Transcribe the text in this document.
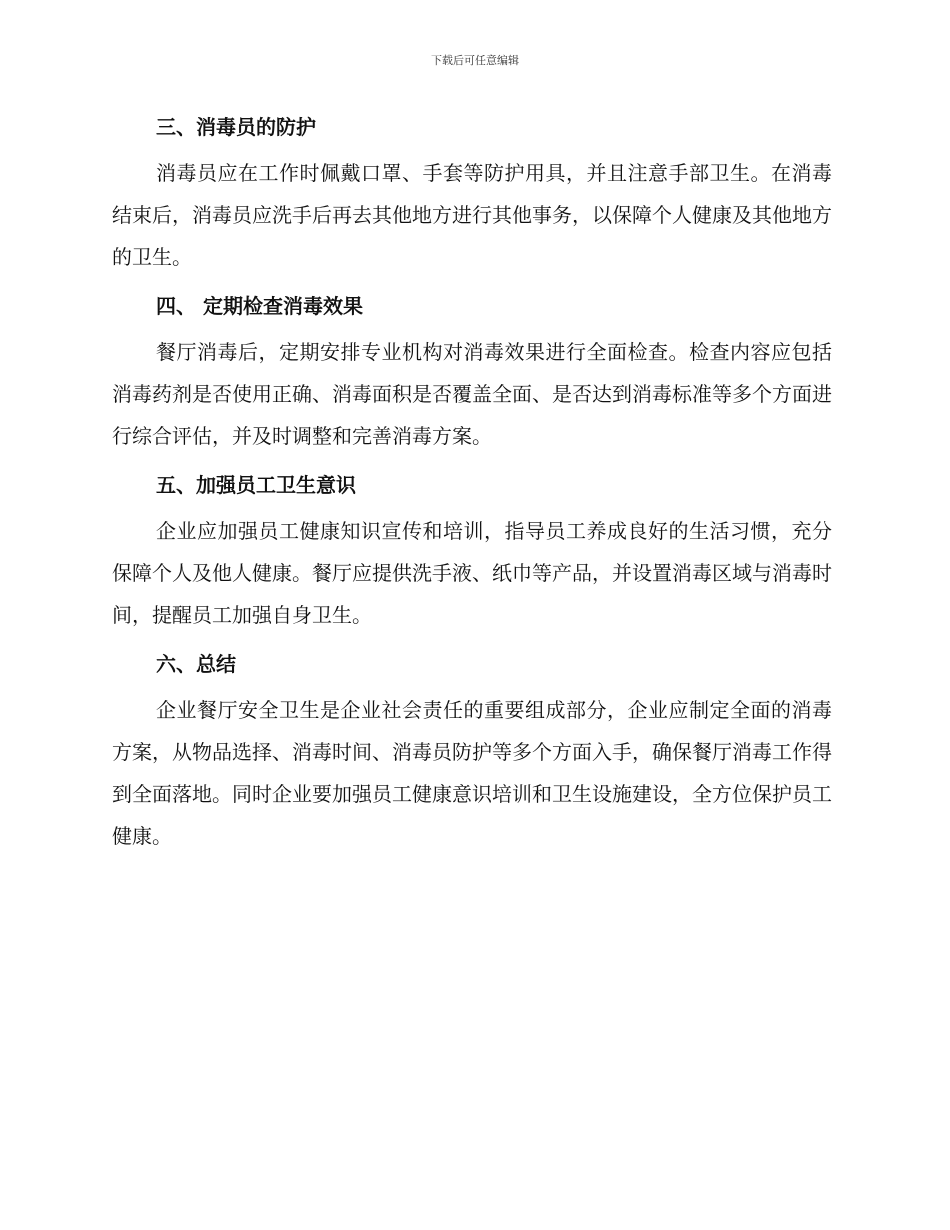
下载后可任意编辑
三、消毒员的防护

消毒员应在工作时佩戴口罩、手套等防护用具，并且注意手部卫生。在消毒结束后，消毒员应洗手后再去其他地方进行其他事务，以保障个人健康及其他地方的卫生。

四、 定期检查消毒效果

餐厅消毒后，定期安排专业机构对消毒效果进行全面检查。检查内容应包括消毒药剂是否使用正确、消毒面积是否覆盖全面、是否达到消毒标准等多个方面进行综合评估，并及时调整和完善消毒方案。

五、加强员工卫生意识

企业应加强员工健康知识宣传和培训，指导员工养成良好的生活习惯，充分保障个人及他人健康。餐厅应提供洗手液、纸巾等产品，并设置消毒区域与消毒时间，提醒员工加强自身卫生。

六、总结

企业餐厅安全卫生是企业社会责任的重要组成部分，企业应制定全面的消毒方案，从物品选择、消毒时间、消毒员防护等多个方面入手，确保餐厅消毒工作得到全面落地。同时企业要加强员工健康意识培训和卫生设施建设，全方位保护员工健康。
